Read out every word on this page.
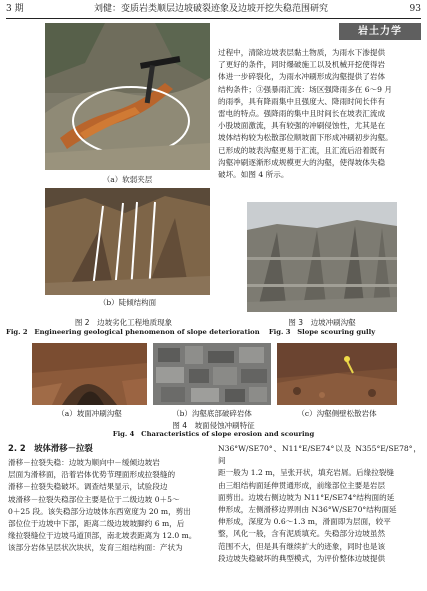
3 期	刘健：变质岩类顺层边坡破裂迹象及边坡开挖失稳范围研究	93
岩土力学
（a）软弱夹层
（b）陡倾结构面
图 2　边坡劣化工程地质现象
Fig. 2　Engineering geological phenomenon of slope deterioration

过程中，清除边坡表层黏土物质，为雨水下渗提供

了更好的条件，同时爆破施工以及机械开挖使得岩

体进一步碎裂化，为雨水冲刷形成沟壑提供了岩体

结构条件；③强暴雨汇流：场区强降雨多在 6～9 月

的雨季，具有降雨集中且强度大、降雨时间长伴有

雷电的特点。强降雨的集中且时间长在坡表汇流成

小股坡面激流，具有较强的冲刷侵蚀性，尤其是在

坡体结构较为松散部位顺坡面下形成冲刷初步沟壑。

已形成的坡表沟壑更易于汇流，且汇流后沿着既有

沟壑冲刷逐渐形成规模更大的沟壑，使得坡体失稳

破坏。如图 4 所示。

图 3　边坡冲刷沟壑
Fig. 3　Slope scouring gully
（a）坡面冲刷沟壑	（b）沟壑底部破碎岩体	（c）沟壑侧壁松散岩体
图 4　坡面侵蚀冲刷特征
Fig. 4　Characteristics of slope erosion and scouring
2. 2　坡体滑移－拉裂

滑移－拉裂失稳：边坡为顺向中－缓倾边坡岩

层面为滑移面，沿着岩体优势节理面形成拉裂缝的

滑移－拉裂失稳破坏。调查结果显示，试验段边

坡滑移－拉裂失稳部位主要是位于二级边坡 0＋5～

0＋25 段。该失稳部分边坡体东西宽度为 20 m，剪出

部位位于边坡中下部，距离二级边坡坡脚约 6 m，后

缘拉裂缝位于边坡马道顶部，南北坡表距离为 12.0 m。

该部分岩体呈层状次块状，发育三组结构面：产状为

N36°W/SE70°、N11°E/SE74°以及 N355°E/SE78°，间

距一般为 1.2 m，呈张开状，填充岩屑。后缘拉裂缝

由三组结构面延伸贯通形成，前缘部位主要是岩层

面剪出。边坡右侧边坡为 N11°E/SE74°结构面的延

伸形成，左侧滑移边界则由 N36°W/SE70°结构面延

伸形成，深度为 0.6～1.3 m，滑面即为层面，较平

整，风化一般，含有泥质填充。失稳部分边坡虽然

范围不大，但是具有继续扩大的迹象，同时也是该

段边坡失稳破坏的典型模式，为评价整体边坡提供
